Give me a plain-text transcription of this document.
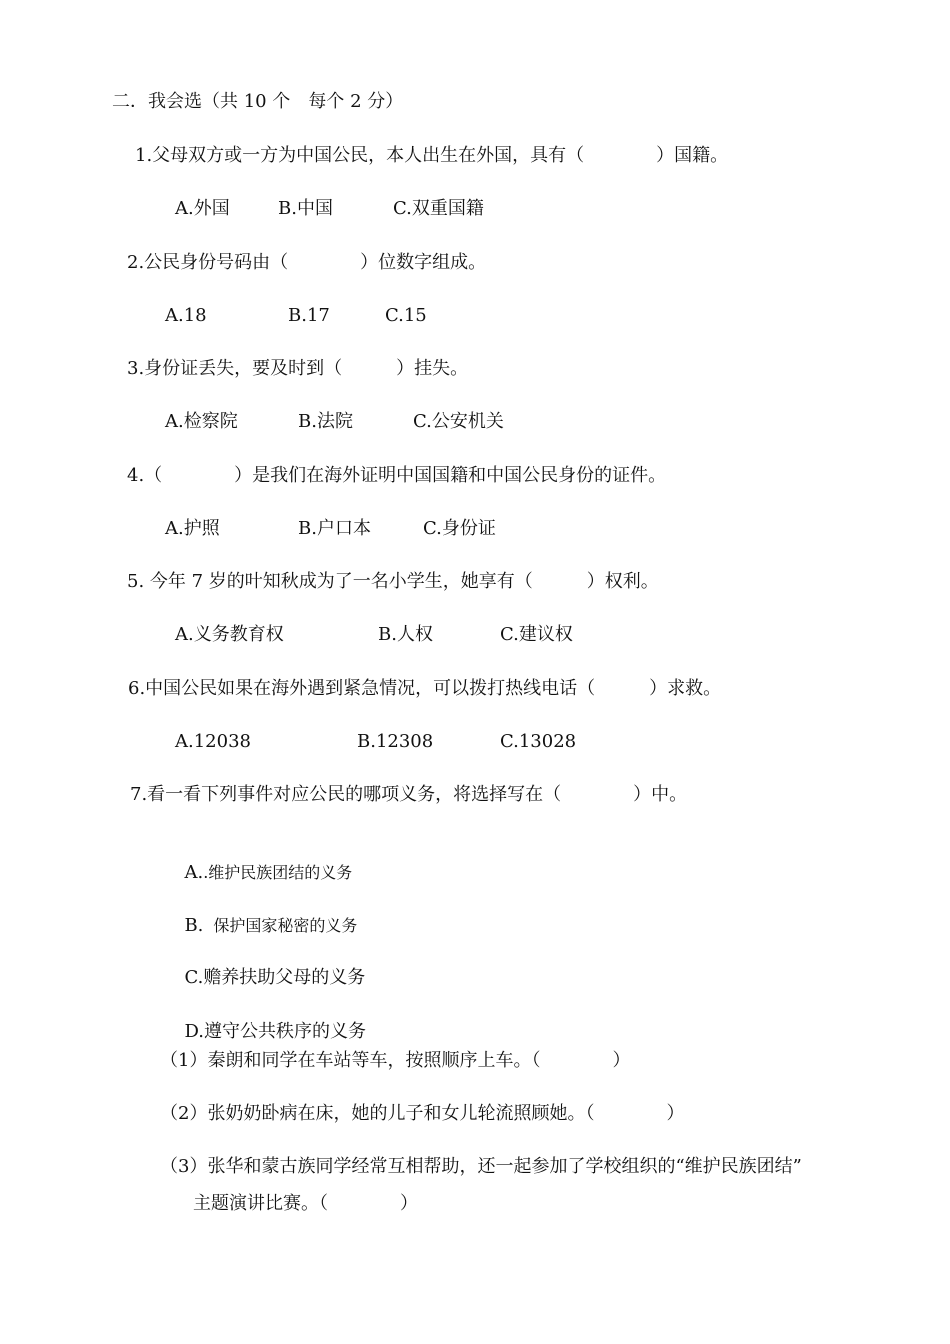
二．我会选（共 10 个　每个 2 分）
1.父母双方或一方为中国公民，本人出生在外国，具有（　　　　）国籍。
A.外国	B.中国	C.双重国籍
2.公民身份号码由（　　　　）位数字组成。
A.18	B.17	C.15
3.身份证丢失，要及时到（　　　）挂失。
A.检察院	B.法院	C.公安机关
4.（　　　　）是我们在海外证明中国国籍和中国公民身份的证件。
A.护照	B.户口本	C.身份证
5. 今年 7 岁的叶知秋成为了一名小学生，她享有（　　　）权利。
A.义务教育权	B.人权	C.建议权
6.中国公民如果在海外遇到紧急情况，可以拨打热线电话（　　　）求救。
A.12038	B.12308	C.13028
7.看一看下列事件对应公民的哪项义务，将选择写在（　　　　）中。

A..维护民族团结的义务

B. 保护国家秘密的义务

C.赡养扶助父母的义务

D.遵守公共秩序的义务

（1）秦朗和同学在车站等车，按照顺序上车。（　　　　）
（2）张奶奶卧病在床，她的儿子和女儿轮流照顾她。（　　　　）
（3）张华和蒙古族同学经常互相帮助，还一起参加了学校组织的“维护民族团结”
主题演讲比赛。（　　　　）
